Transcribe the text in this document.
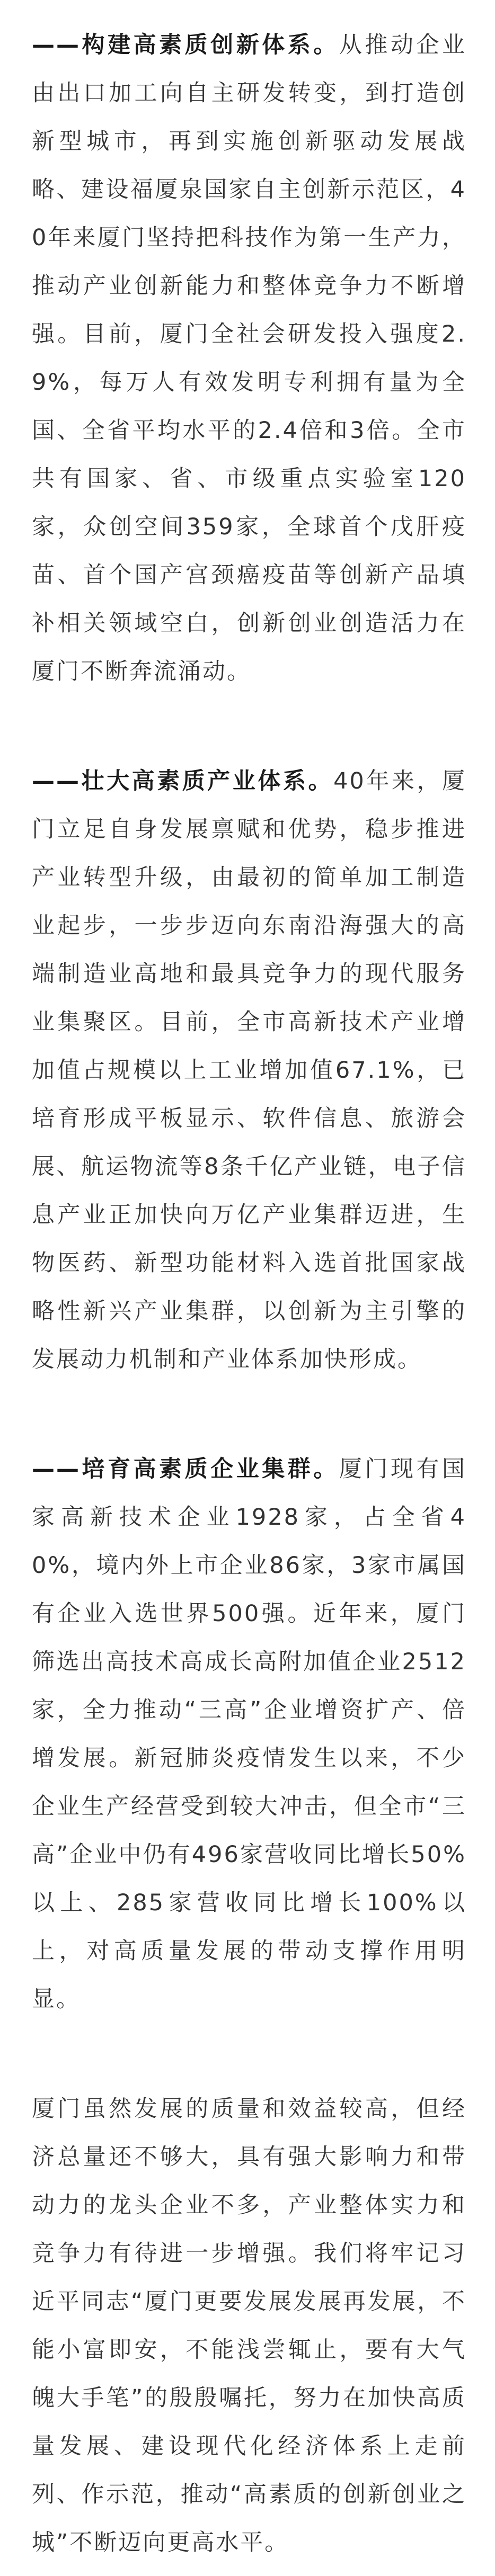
——构建高素质创新体系。从推动企业由出口加工向自主研发转变，到打造创新型城市，再到实施创新驱动发展战略、建设福厦泉国家自主创新示范区，40年来厦门坚持把科技作为第一生产力，推动产业创新能力和整体竞争力不断增强。目前，厦门全社会研发投入强度2.9%，每万人有效发明专利拥有量为全国、全省平均水平的2.4倍和3倍。全市共有国家、省、市级重点实验室120家，众创空间359家，全球首个戊肝疫苗、首个国产宫颈癌疫苗等创新产品填补相关领域空白，创新创业创造活力在厦门不断奔流涌动。

——壮大高素质产业体系。40年来，厦门立足自身发展禀赋和优势，稳步推进产业转型升级，由最初的简单加工制造业起步，一步步迈向东南沿海强大的高端制造业高地和最具竞争力的现代服务业集聚区。目前，全市高新技术产业增加值占规模以上工业增加值67.1%，已培育形成平板显示、软件信息、旅游会展、航运物流等8条千亿产业链，电子信息产业正加快向万亿产业集群迈进，生物医药、新型功能材料入选首批国家战略性新兴产业集群，以创新为主引擎的发展动力机制和产业体系加快形成。

——培育高素质企业集群。厦门现有国家高新技术企业1928家，占全省40%，境内外上市企业86家，3家市属国有企业入选世界500强。近年来，厦门筛选出高技术高成长高附加值企业2512家，全力推动“三高”企业增资扩产、倍增发展。新冠肺炎疫情发生以来，不少企业生产经营受到较大冲击，但全市“三高”企业中仍有496家营收同比增长50%以上、285家营收同比增长100%以上，对高质量发展的带动支撑作用明显。

厦门虽然发展的质量和效益较高，但经济总量还不够大，具有强大影响力和带动力的龙头企业不多，产业整体实力和竞争力有待进一步增强。我们将牢记习近平同志“厦门更要发展发展再发展，不能小富即安，不能浅尝辄止，要有大气魄大手笔”的殷殷嘱托，努力在加快高质量发展、建设现代化经济体系上走前列、作示范，推动“高素质的创新创业之城”不断迈向更高水平。
